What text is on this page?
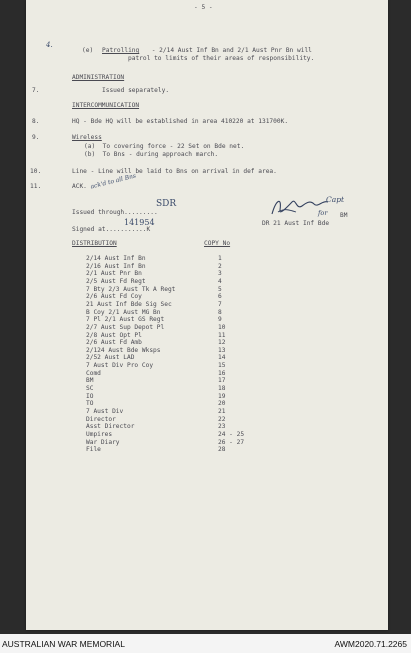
- 5 -
4.
(e) Patrolling - 2/14 Aust Inf Bn and 2/1 Aust Pnr Bn will
patrol to limits of their areas of responsibility.
ADMINISTRATION
7.	Issued separately.
INTERCOMMUNICATION
8.	HQ - Bde HQ will be established in area 410220 at 131700K.
9.	Wireless
(a)  To covering force - 22 Set on Bde net.
(b)  To Bns - during approach march.
10.	Line - Line will be laid to Bns on arrival in def area.
11.	ACK. ack'd to all Bns
Issued through.........
SDR
Signed at...........K
141954
Capt
for BM
DR 21 Aust Inf Bde
DISTRIBUTION	COPY No
2/14 Aust Inf Bn	1
2/16 Aust Inf Bn	2
2/1 Aust Pnr Bn	3
2/5 Aust Fd Regt	4
7 Bty 2/3 Aust Tk A Regt	5
2/6 Aust Fd Coy	6
21 Aust Inf Bde Sig Sec	7
B Coy 2/1 Aust MG Bn	8
7 Pl 2/1 Aust GS Regt	9
2/7 Aust Sup Depot Pl	10
2/8 Aust Opt Pl	11
2/6 Aust Fd Amb	12
2/124 Aust Bde Wksps	13
2/52 Aust LAD	14
7 Aust Div Pro Coy	15
Comd	16
BM	17
SC	18
IO	19
TO	20
7 Aust Div	21
Director	22
Asst Director	23
Umpires	24 - 25
War Diary	26 - 27
File	28
AUSTRALIAN WAR MEMORIAL	AWM2020.71.2265
